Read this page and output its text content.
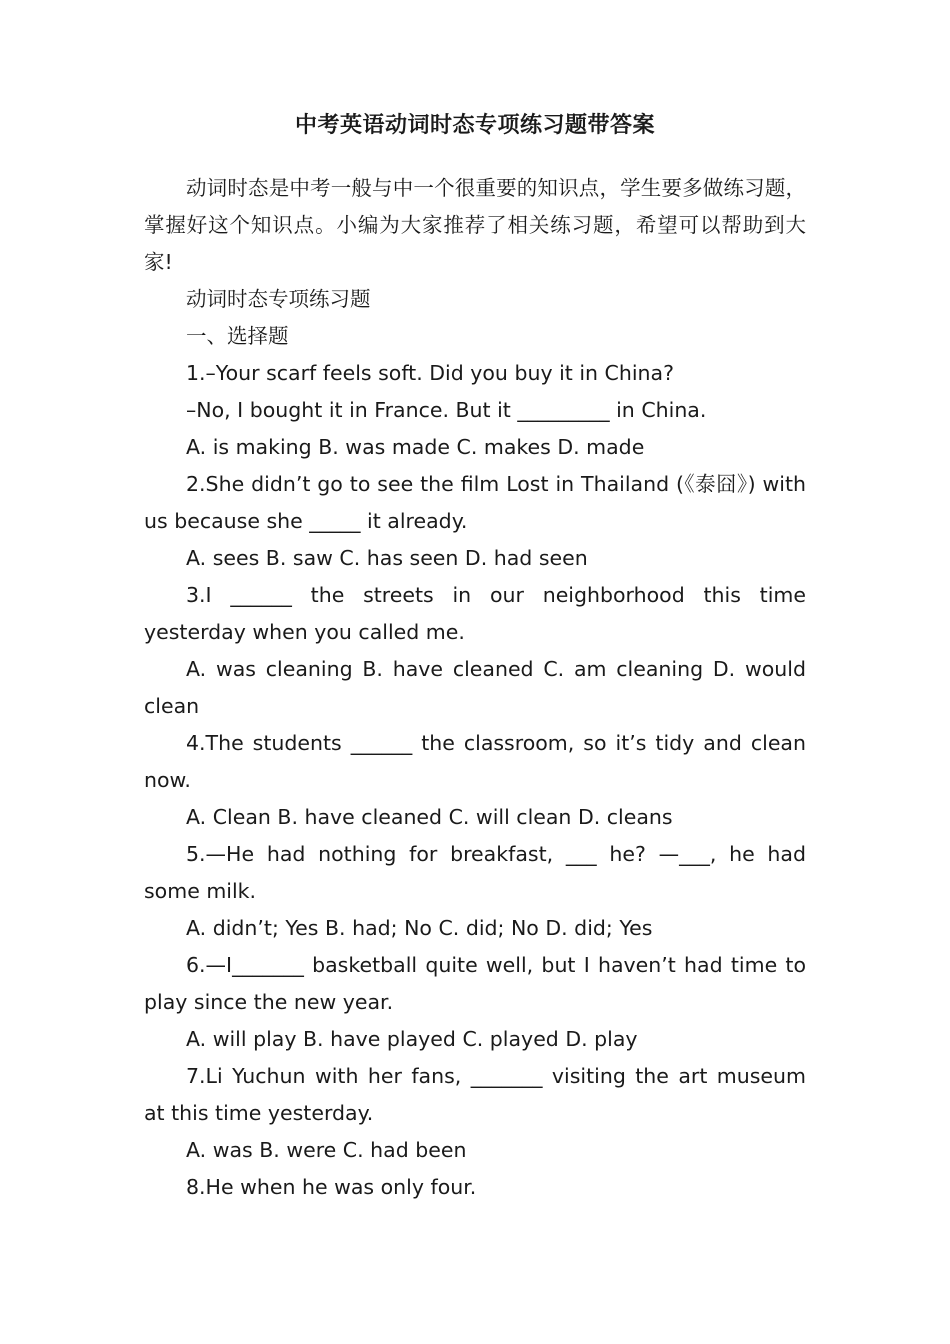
中考英语动词时态专项练习题带答案

动词时态是中考一般与中一个很重要的知识点，学生要多做练习题，掌握好这个知识点。小编为大家推荐了相关练习题，希望可以帮助到大家!

动词时态专项练习题

一、选择题

1.–Your scarf feels soft. Did you buy it in China?

–No, I bought it in France. But it _________ in China.

A. is making B. was made C. makes D. made

2.She didn’t go to see the film Lost in Thailand (《泰囧》) with us because she _____ it already.

A. sees B. saw C. has seen D. had seen

3.I ______ the streets in our neighborhood this time yesterday when you called me.

A. was cleaning B. have cleaned C. am cleaning D. would clean

4.The students ______ the classroom, so it’s tidy and clean now.

A. Clean B. have cleaned C. will clean D. cleans

5.—He had nothing for breakfast, ___ he? —___, he had some milk.

A. didn’t; Yes B. had; No C. did; No D. did; Yes

6.—I_______ basketball quite well, but I haven’t had time to play since the new year.

A. will play B. have played C. played D. play

7.Li Yuchun with her fans, _______ visiting the art museum at this time yesterday.

A. was B. were C. had been

8.He when he was only four.
